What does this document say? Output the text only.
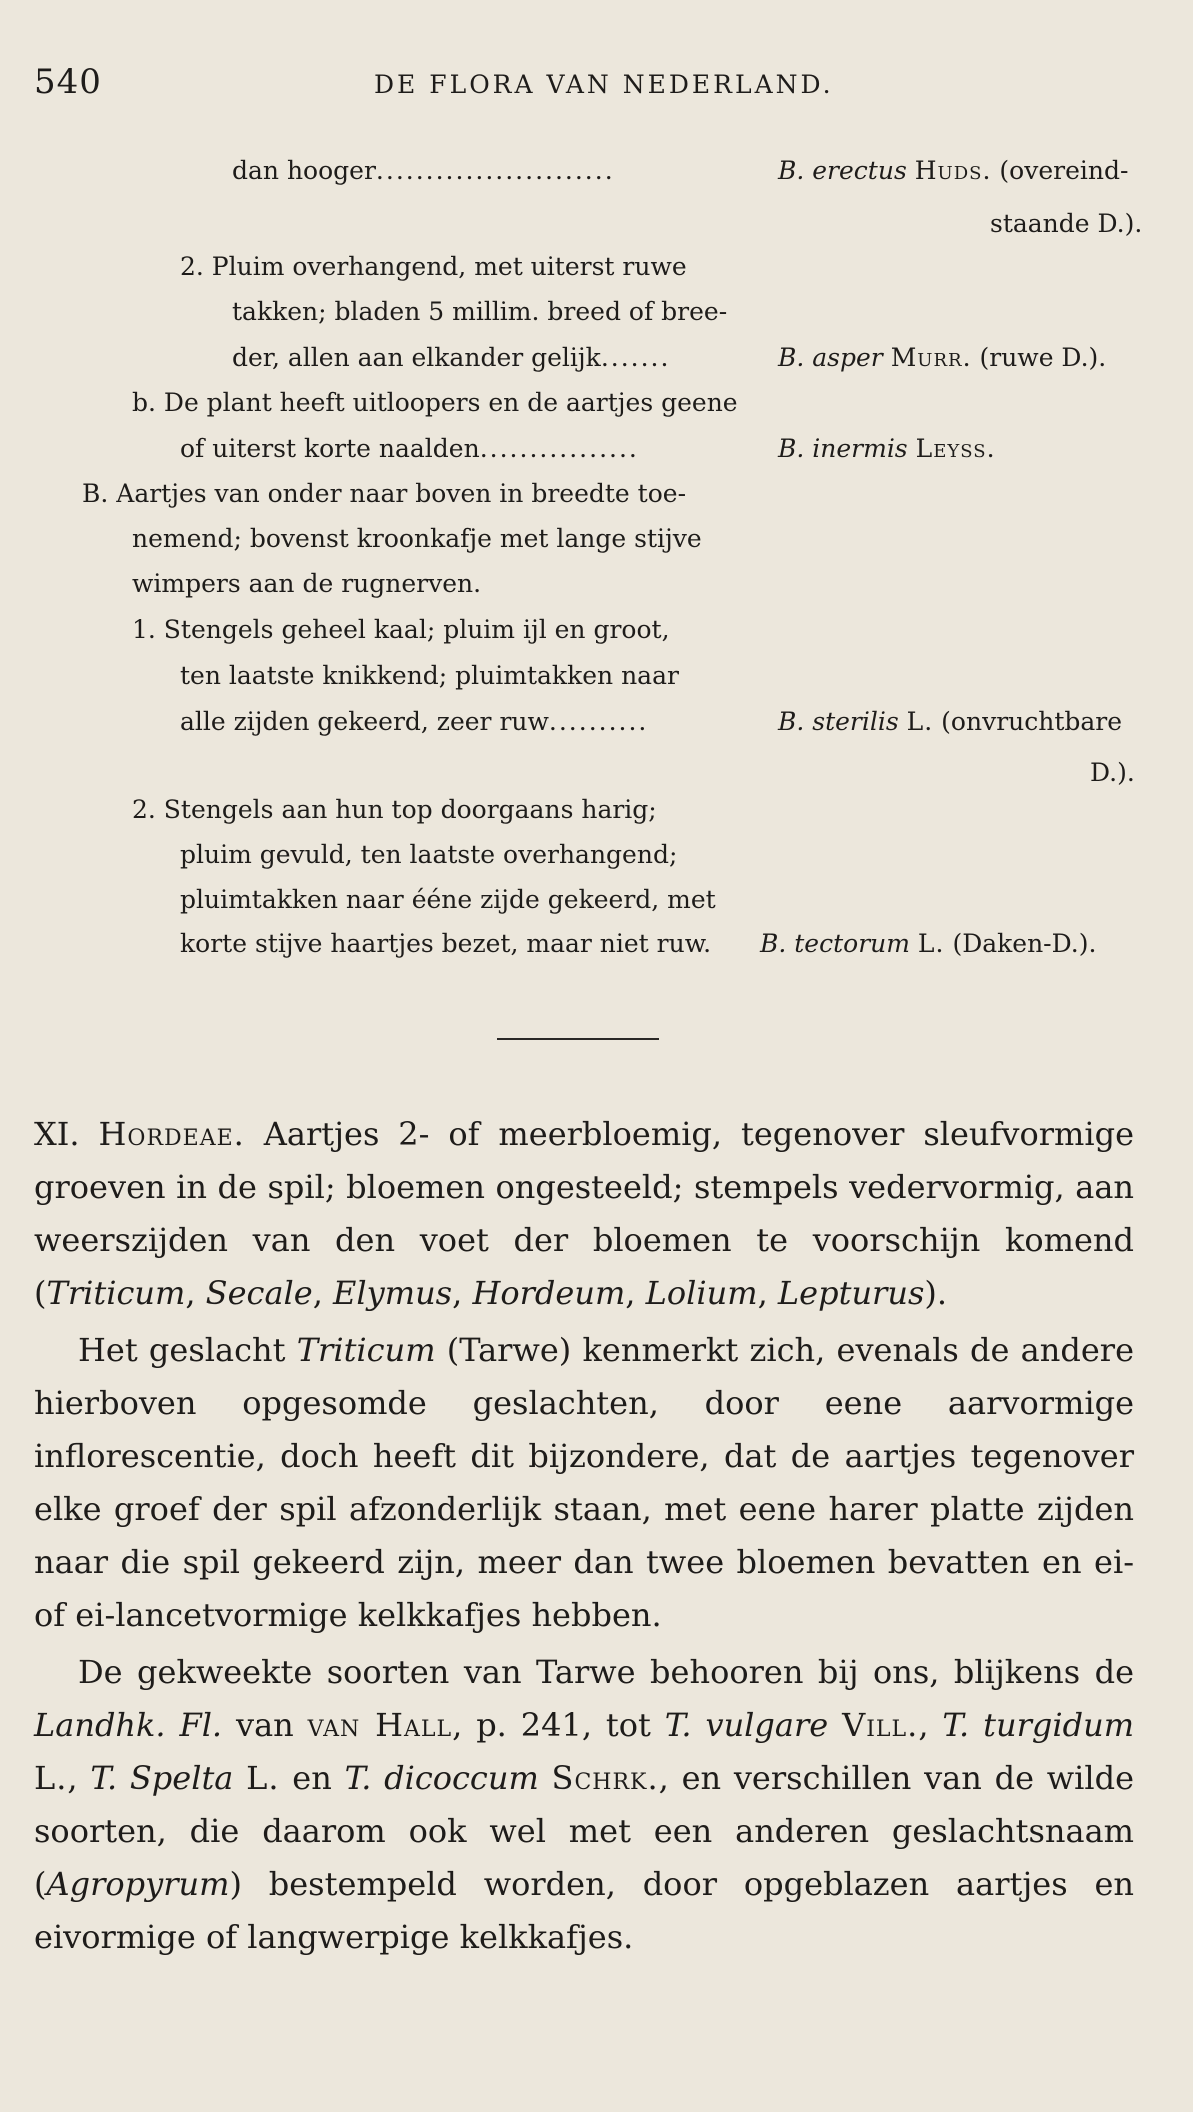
540	DE FLORA VAN NEDERLAND.
dan hooger........................	B. erectus Huds. (overeind-
staande D.).
2. Pluim overhangend, met uiterst ruwe
takken; bladen 5 millim. breed of bree-
der, allen aan elkander gelijk.......	B. asper Murr. (ruwe D.).
b. De plant heeft uitloopers en de aartjes geene
of uiterst korte naalden................	B. inermis Leyss.
B. Aartjes van onder naar boven in breedte toe-
nemend; bovenst kroonkafje met lange stijve
wimpers aan de rugnerven.
1. Stengels geheel kaal; pluim ijl en groot,
ten laatste knikkend; pluimtakken naar
alle zijden gekeerd, zeer ruw..........	B. sterilis L. (onvruchtbare
D.).
2. Stengels aan hun top doorgaans harig;
pluim gevuld, ten laatste overhangend;
pluimtakken naar ééne zijde gekeerd, met
korte stijve haartjes bezet, maar niet ruw. B. tectorum L. (Daken-D.).

XI. Hordeae. Aartjes 2- of meerbloemig, tegenover sleufvormige groeven in de spil; bloemen ongesteeld; stempels vedervormig, aan weerszijden van den voet der bloemen te voorschijn komend (Triticum, Secale, Elymus, Hordeum, Lolium, Lepturus).

Het geslacht Triticum (Tarwe) kenmerkt zich, evenals de andere hierboven opgesomde geslachten, door eene aarvormige inflorescentie, doch heeft dit bijzondere, dat de aartjes tegenover elke groef der spil afzonderlijk staan, met eene harer platte zijden naar die spil gekeerd zijn, meer dan twee bloemen bevatten en ei- of ei-lancetvormige kelkkafjes hebben.

De gekweekte soorten van Tarwe behooren bij ons, blijkens de Landhk. Fl. van van Hall, p. 241, tot T. vulgare Vill., T. turgidum L., T. Spelta L. en T. dicoccum Schrk., en verschillen van de wilde soorten, die daarom ook wel met een anderen geslachtsnaam (Agropyrum) bestempeld worden, door opgeblazen aartjes en eivormige of langwerpige kelkkafjes.
